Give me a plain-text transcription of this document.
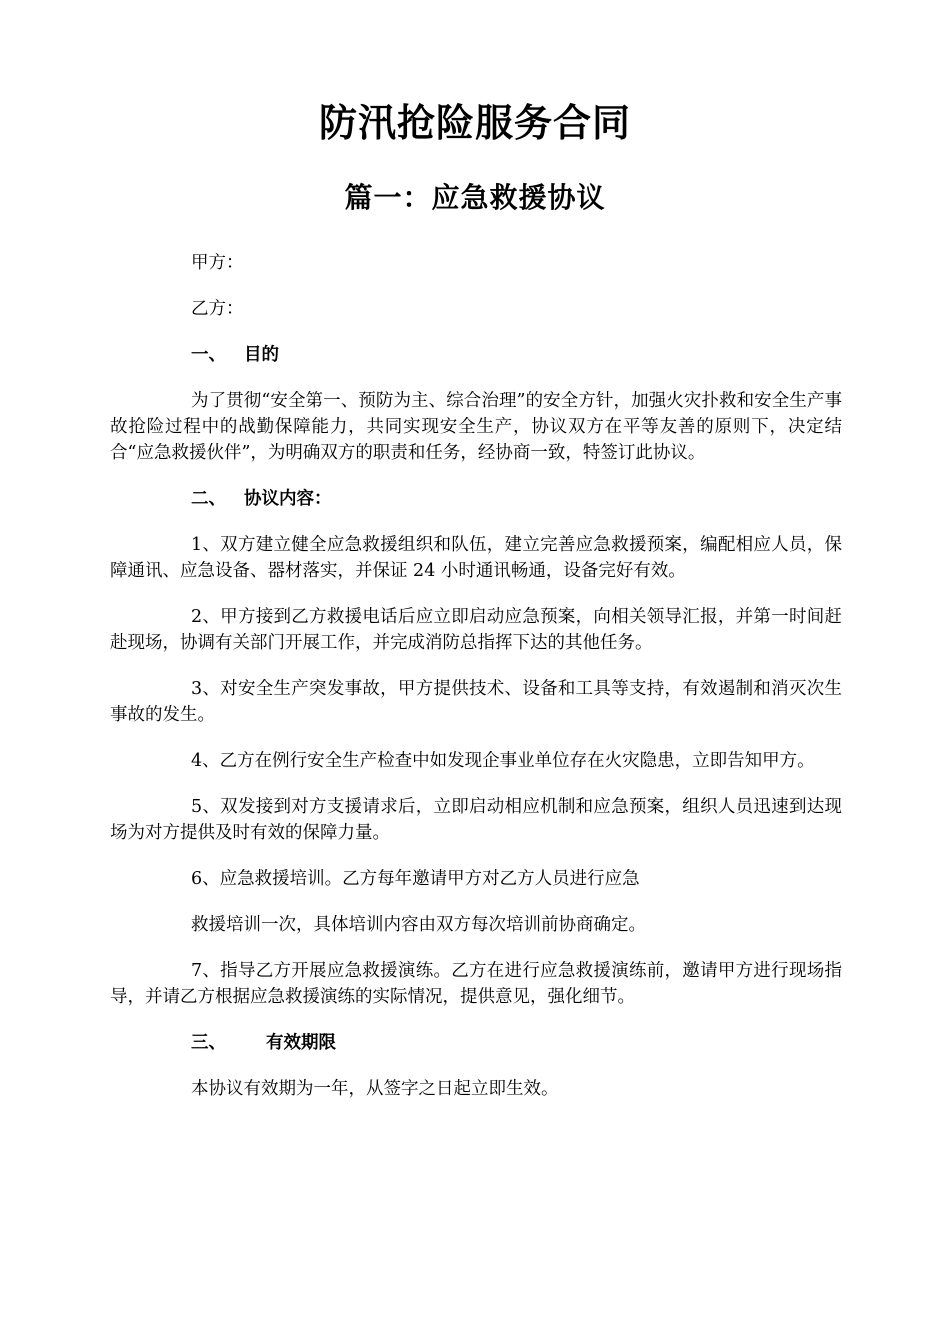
防汛抢险服务合同
篇一：应急救援协议
甲方：
乙方：
一、 目的
为了贯彻“安全第一、预防为主、综合治理”的安全方针，加强火灾扑救和安全生产事故抢险过程中的战勤保障能力，共同实现安全生产，协议双方在平等友善的原则下，决定结合“应急救援伙伴”，为明确双方的职责和任务，经协商一致，特签订此协议。
二、 协议内容：
1、双方建立健全应急救援组织和队伍，建立完善应急救援预案，编配相应人员，保障通讯、应急设备、器材落实，并保证 24 小时通讯畅通，设备完好有效。
2、甲方接到乙方救援电话后应立即启动应急预案，向相关领导汇报，并第一时间赶赴现场，协调有关部门开展工作，并完成消防总指挥下达的其他任务。
3、对安全生产突发事故，甲方提供技术、设备和工具等支持，有效遏制和消灭次生事故的发生。
4、乙方在例行安全生产检查中如发现企事业单位存在火灾隐患，立即告知甲方。
5、双发接到对方支援请求后，立即启动相应机制和应急预案，组织人员迅速到达现场为对方提供及时有效的保障力量。
6、应急救援培训。乙方每年邀请甲方对乙方人员进行应急
救援培训一次，具体培训内容由双方每次培训前协商确定。
7、指导乙方开展应急救援演练。乙方在进行应急救援演练前，邀请甲方进行现场指导，并请乙方根据应急救援演练的实际情况，提供意见，强化细节。
三、 有效期限
本协议有效期为一年，从签字之日起立即生效。
